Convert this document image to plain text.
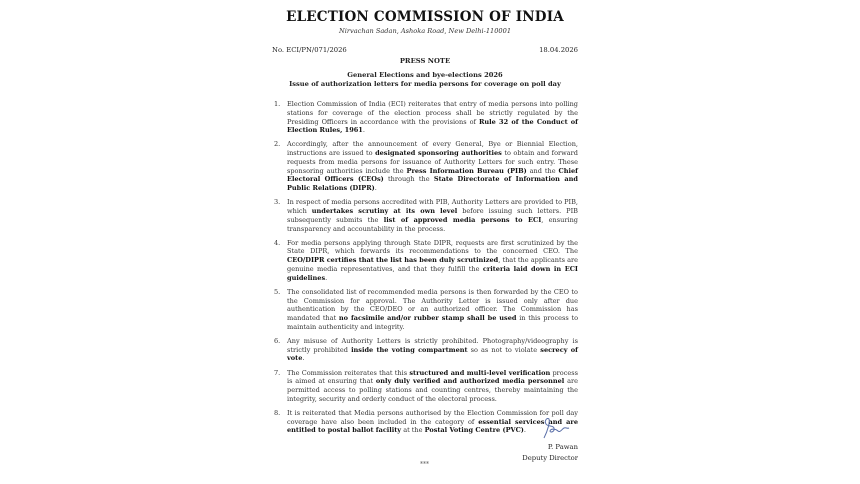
ELECTION COMMISSION OF INDIA
Nirvachan Sadan, Ashoka Road, New Delhi-110001
No. ECI/PN/071/2026	18.04.2026
PRESS NOTE
General Elections and bye-elections 2026
Issue of authorization letters for media persons for coverage on poll day
1. Election Commission of India (ECI) reiterates that entry of media persons into polling stations for coverage of the election process shall be strictly regulated by the Presiding Officers in accordance with the provisions of Rule 32 of the Conduct of Election Rules, 1961.
2. Accordingly, after the announcement of every General, Bye or Biennial Election, instructions are issued to designated sponsoring authorities to obtain and forward requests from media persons for issuance of Authority Letters for such entry. These sponsoring authorities include the Press Information Bureau (PIB) and the Chief Electoral Officers (CEOs) through the State Directorate of Information and Public Relations (DIPR).
3. In respect of media persons accredited with PIB, Authority Letters are provided to PIB, which undertakes scrutiny at its own level before issuing such letters. PIB subsequently submits the list of approved media persons to ECI, ensuring transparency and accountability in the process.
4. For media persons applying through State DIPR, requests are first scrutinized by the State DIPR, which forwards its recommendations to the concerned CEO. The CEO/DIPR certifies that the list has been duly scrutinized, that the applicants are genuine media representatives, and that they fulfill the criteria laid down in ECI guidelines.
5. The consolidated list of recommended media persons is then forwarded by the CEO to the Commission for approval. The Authority Letter is issued only after due authentication by the CEO/DEO or an authorized officer. The Commission has mandated that no facsimile and/or rubber stamp shall be used in this process to maintain authenticity and integrity.
6. Any misuse of Authority Letters is strictly prohibited. Photography/videography is strictly prohibited inside the voting compartment so as not to violate secrecy of vote.
7. The Commission reiterates that this structured and multi-level verification process is aimed at ensuring that only duly verified and authorized media personnel are permitted access to polling stations and counting centres, thereby maintaining the integrity, security and orderly conduct of the electoral process.
8. It is reiterated that Media persons authorised by the Election Commission for poll day coverage have also been included in the category of essential services and are entitled to postal ballot facility at the Postal Voting Centre (PVC).
P. Pawan
Deputy Director
***
